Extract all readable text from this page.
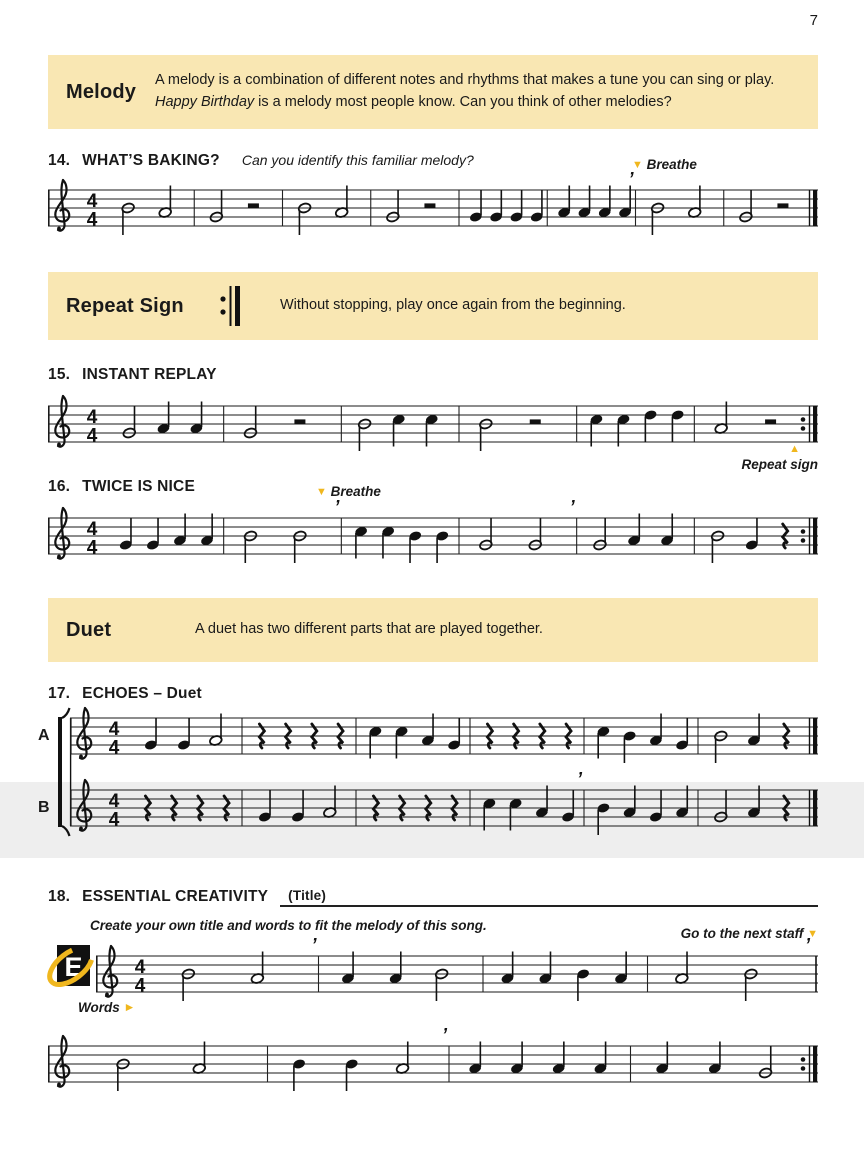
7
Melody
A melody is a combination of different notes and rhythms that makes a tune you can sing or play. Happy Birthday is a melody most people know. Can you think of other melodies?
14. WHAT’S BAKING? Can you identify this familiar melody?	▼ Breathe
4
4
’
Repeat Sign	Without stopping, play once again from the beginning.
15. INSTANT REPLAY
4
4
▲
Repeat sign
16. TWICE IS NICE	▼ Breathe
4
4
’	’
Duet	A duet has two different parts that are played together.
17. ECHOES – Duet
A
B
4
4
4
4
’
18. ESSENTIAL CREATIVITY (Title)
Create your own title and words to fit the melody of this song.
Go to the next staff ▼
E	4
4
’	’
Words ►
’
